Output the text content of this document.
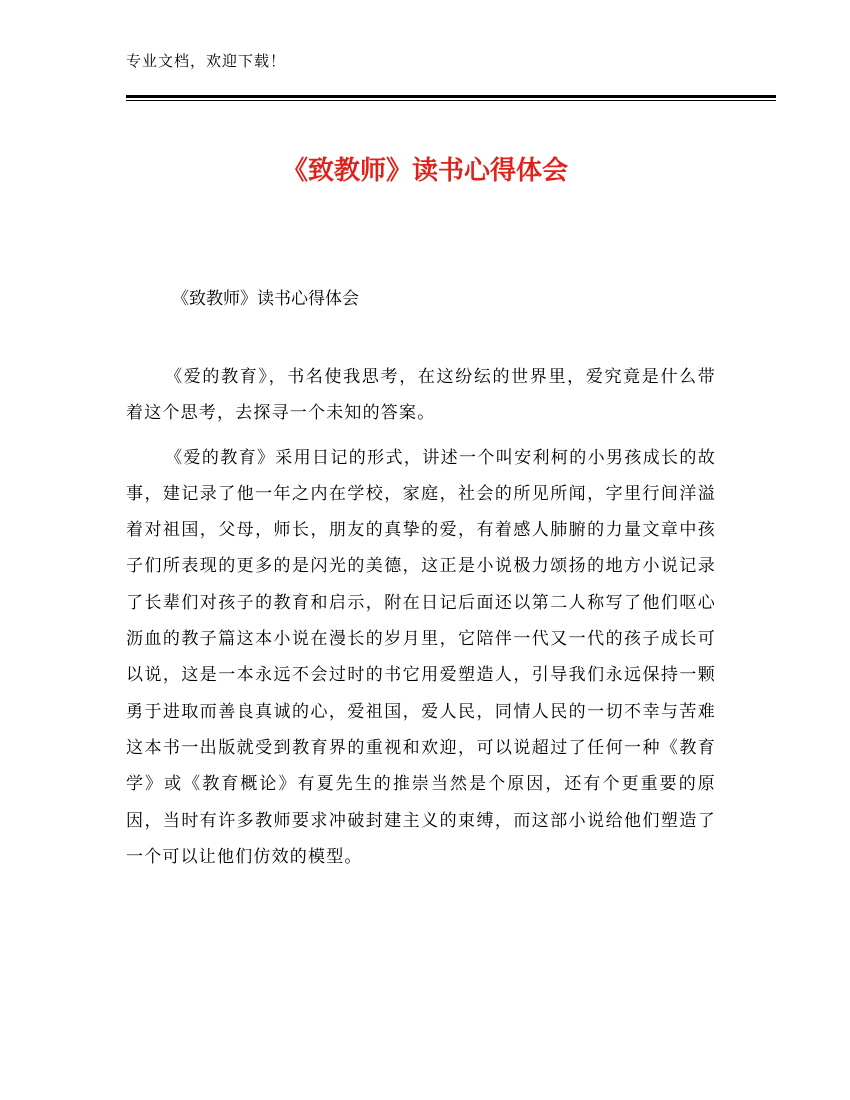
专业文档，欢迎下载！
《致教师》读书心得体会
《致教师》读书心得体会

《爱的教育》，书名使我思考，在这纷纭的世界里，爱究竟是什么带着这个思考，去探寻一个未知的答案。

《爱的教育》采用日记的形式，讲述一个叫安利柯的小男孩成长的故事，建记录了他一年之内在学校，家庭，社会的所见所闻，字里行间洋溢着对祖国，父母，师长，朋友的真挚的爱，有着感人肺腑的力量文章中孩子们所表现的更多的是闪光的美德，这正是小说极力颂扬的地方小说记录了长辈们对孩子的教育和启示，附在日记后面还以第二人称写了他们呕心沥血的教子篇这本小说在漫长的岁月里，它陪伴一代又一代的孩子成长可以说，这是一本永远不会过时的书它用爱塑造人，引导我们永远保持一颗勇于进取而善良真诚的心，爱祖国，爱人民，同情人民的一切不幸与苦难这本书一出版就受到教育界的重视和欢迎，可以说超过了任何一种《教育学》或《教育概论》有夏先生的推崇当然是个原因，还有个更重要的原因，当时有许多教师要求冲破封建主义的束缚，而这部小说给他们塑造了一个可以让他们仿效的模型。
